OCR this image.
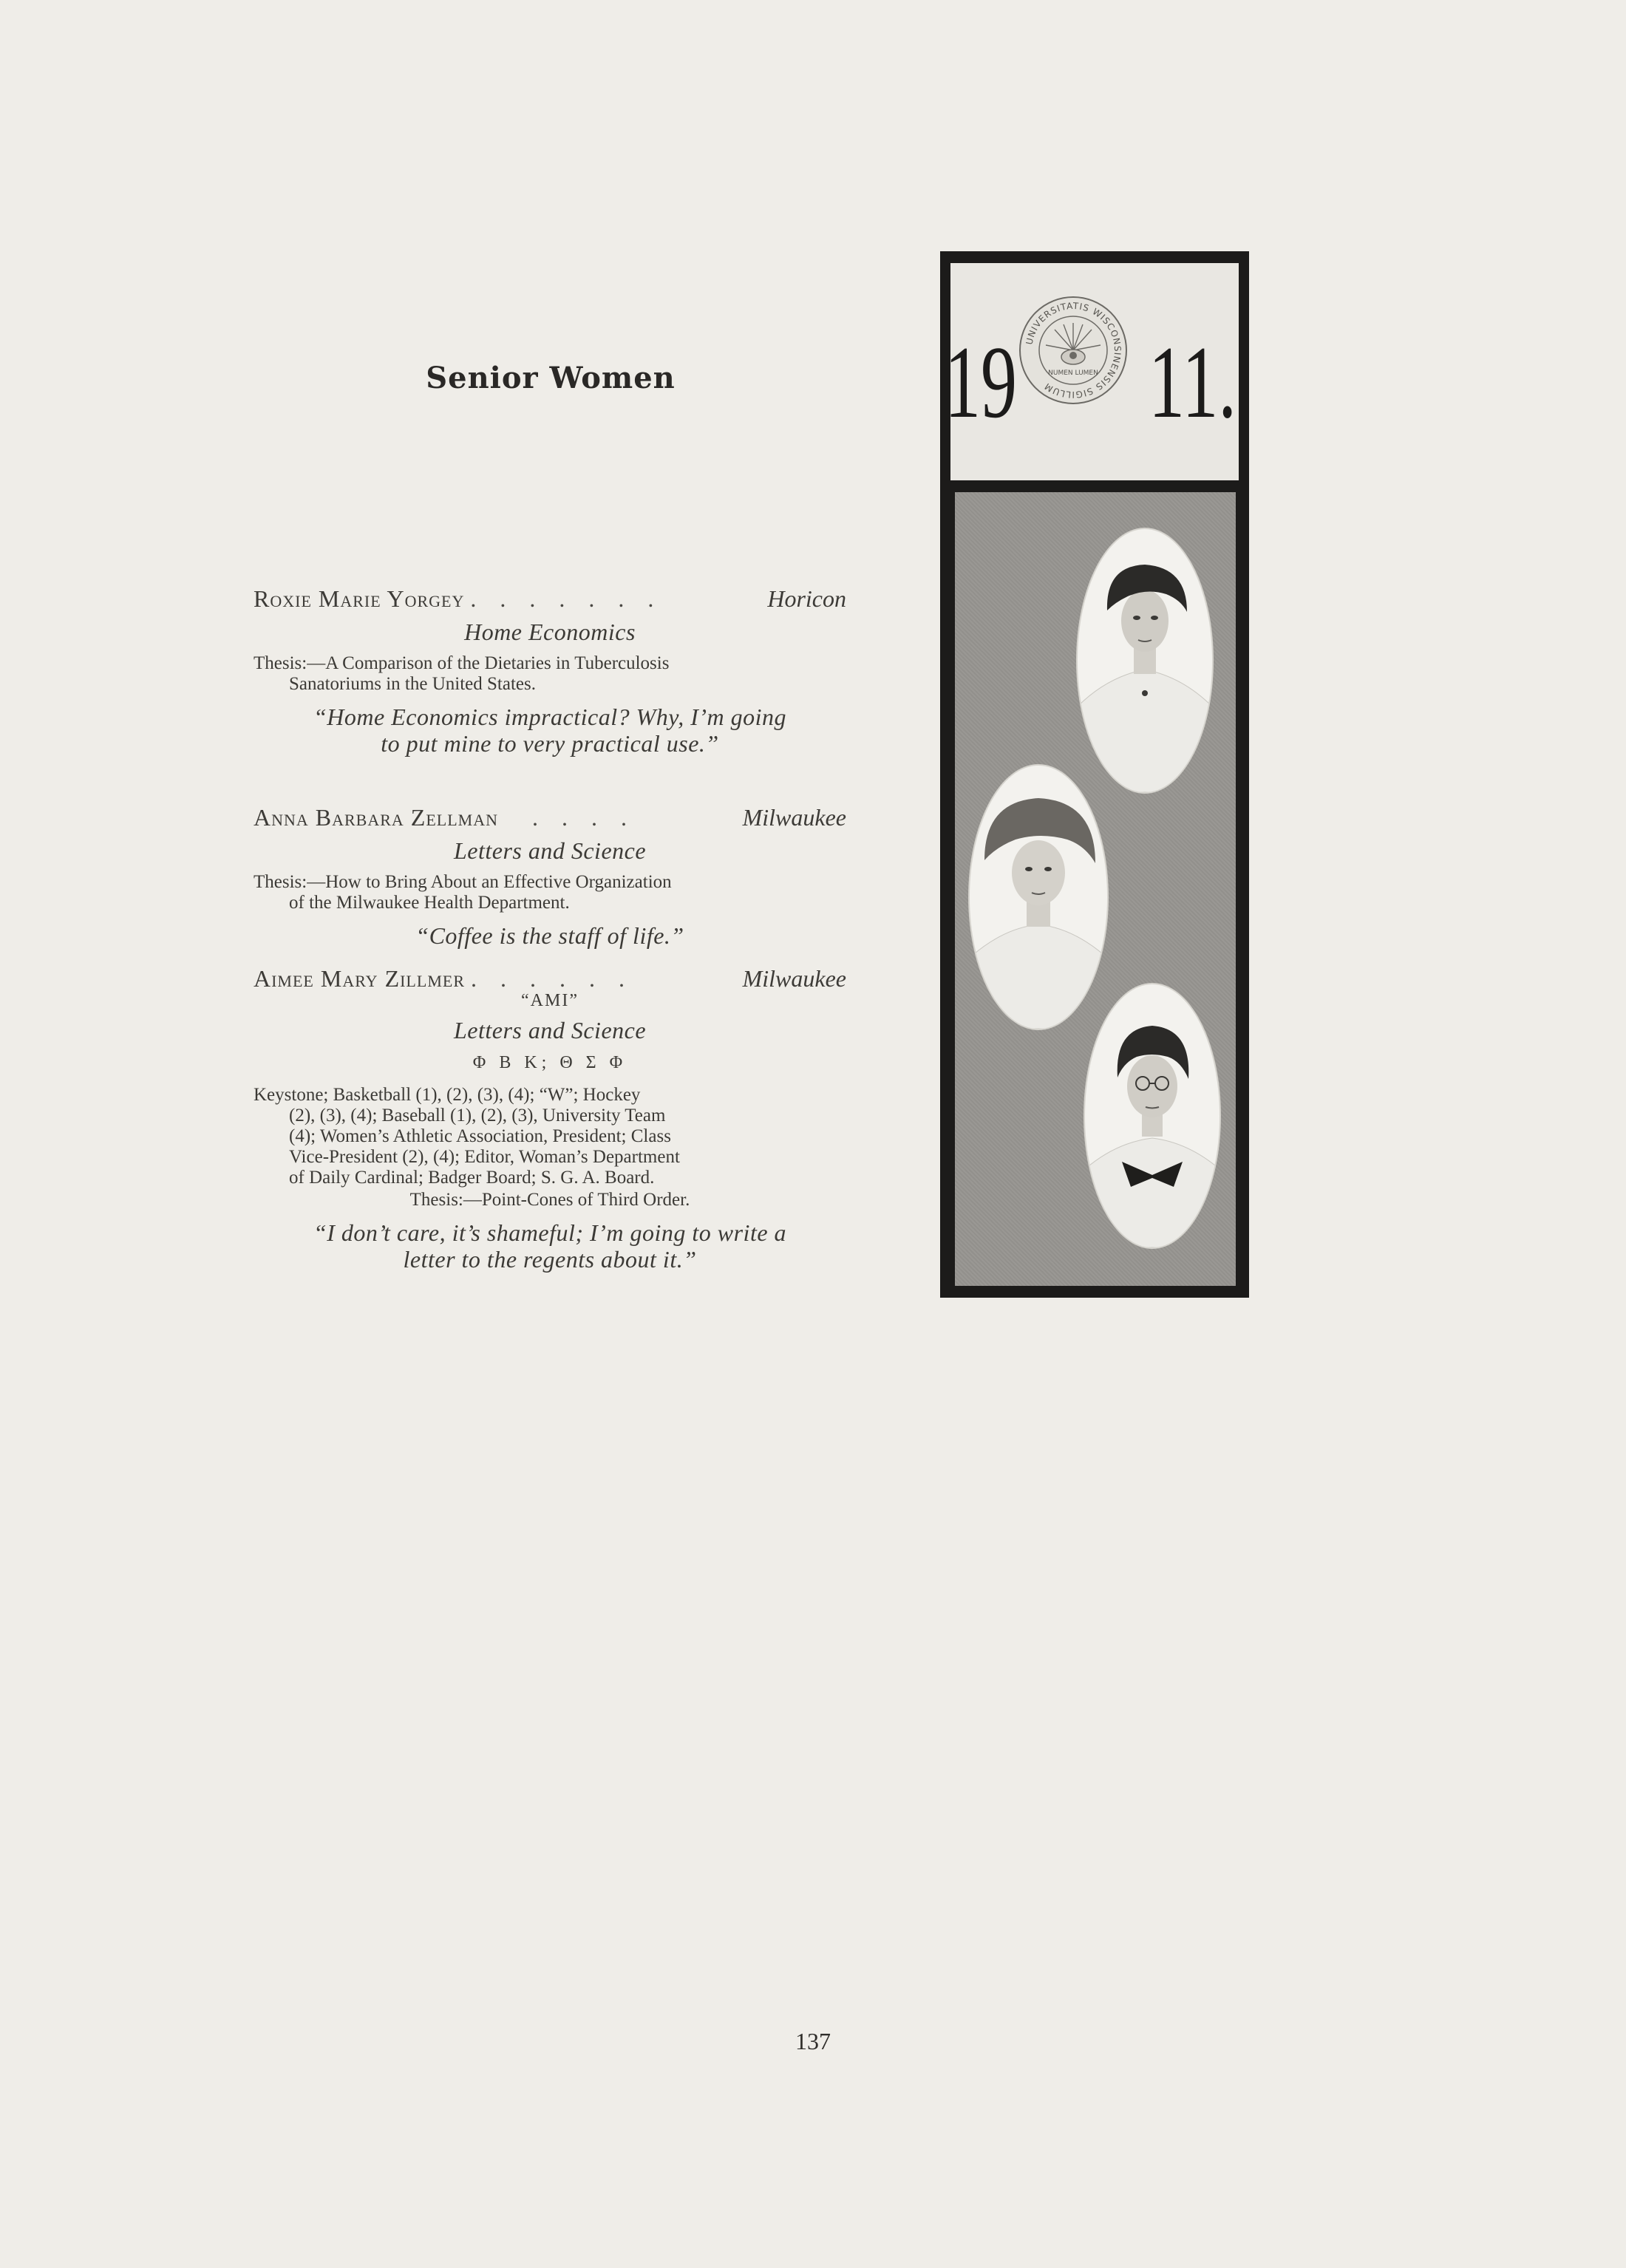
Senior Women
Roxie Marie Yorgey . . . . . . .	Horicon
Home Economics
Thesis:—A Comparison of the Dietaries in Tuberculosis
Sanatoriums in the United States.
“Home Economics impractical? Why, I’m going
to put mine to very practical use.”
Anna Barbara Zellman	. . . .	Milwaukee
Letters and Science
Thesis:—How to Bring About an Effective Organization
of the Milwaukee Health Department.
“Coffee is the staff of life.”
Aimee Mary Zillmer . . . . . .	Milwaukee
“AMI”
Letters and Science
Φ Β Κ; Θ Σ Φ
Keystone; Basketball (1), (2), (3), (4); “W”; Hockey
(2), (3), (4); Baseball (1), (2), (3), University Team
(4); Women’s Athletic Association, President; Class
Vice-President (2), (4); Editor, Woman’s Department
of Daily Cardinal; Badger Board; S. G. A. Board.
Thesis:—Point-Cones of Third Order.
“I don’t care, it’s shameful; I’m going to write a
letter to the regents about it.”
19 UNIVERSITATIS WISCONSINENSIS SIGILLUM
NUMEN LUMEN 11.
137
